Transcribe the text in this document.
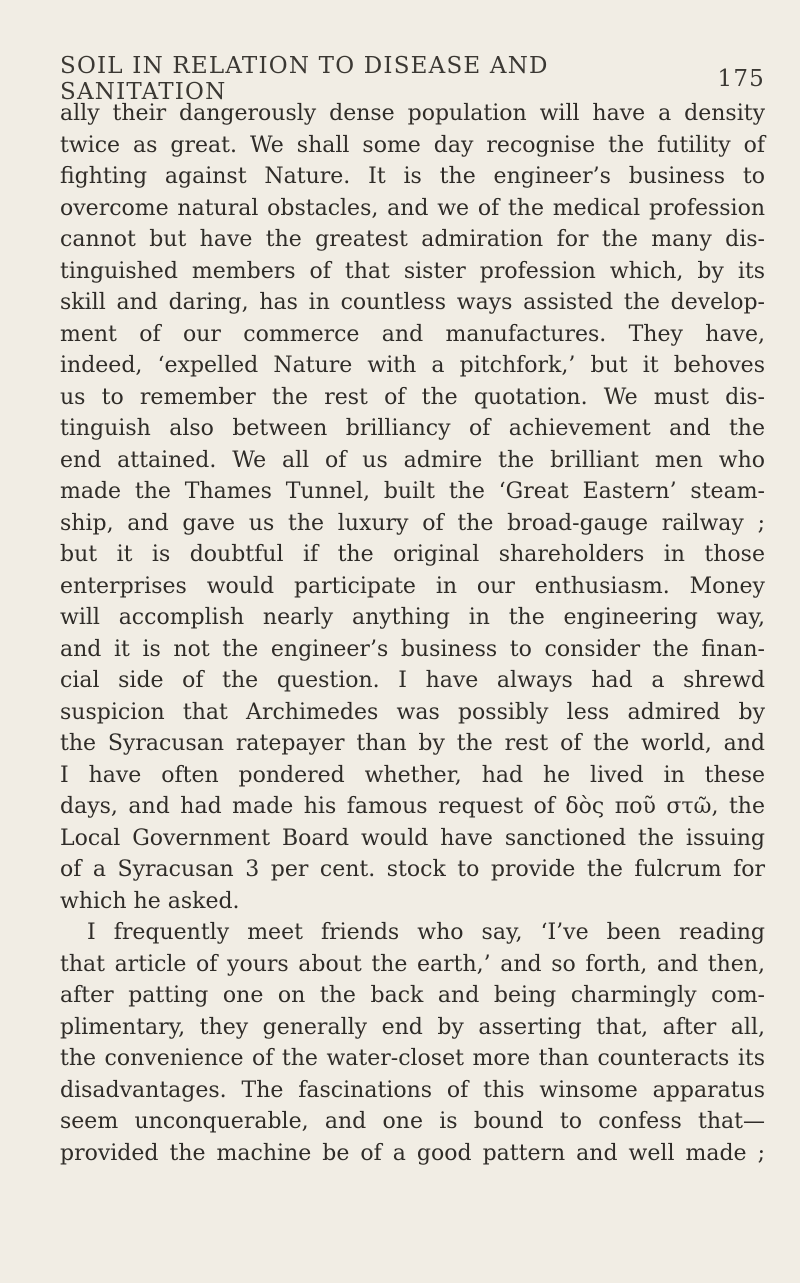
SOIL IN RELATION TO DISEASE AND SANITATION	175
ally their dangerously dense population will have a density
twice as great. We shall some day recognise the futility of
fighting against Nature. It is the engineer’s business to
overcome natural obstacles, and we of the medical profession
cannot but have the greatest admiration for the many dis-
tinguished members of that sister profession which, by its
skill and daring, has in countless ways assisted the develop-
ment of our commerce and manufactures. They have,
indeed, ‘expelled Nature with a pitchfork,’ but it behoves
us to remember the rest of the quotation. We must dis-
tinguish also between brilliancy of achievement and the
end attained. We all of us admire the brilliant men who
made the Thames Tunnel, built the ‘Great Eastern’ steam-
ship, and gave us the luxury of the broad-gauge railway ;
but it is doubtful if the original shareholders in those
enterprises would participate in our enthusiasm. Money
will accomplish nearly anything in the engineering way,
and it is not the engineer’s business to consider the finan-
cial side of the question. I have always had a shrewd
suspicion that Archimedes was possibly less admired by
the Syracusan ratepayer than by the rest of the world, and
I have often pondered whether, had he lived in these
days, and had made his famous request of δὸς ποῦ στῶ, the
Local Government Board would have sanctioned the issuing
of a Syracusan 3 per cent. stock to provide the fulcrum for
which he asked.
I frequently meet friends who say, ‘I’ve been reading
that article of yours about the earth,’ and so forth, and then,
after patting one on the back and being charmingly com-
plimentary, they generally end by asserting that, after all,
the convenience of the water-closet more than counteracts its
disadvantages. The fascinations of this winsome apparatus
seem unconquerable, and one is bound to confess that—
provided the machine be of a good pattern and well made ;
